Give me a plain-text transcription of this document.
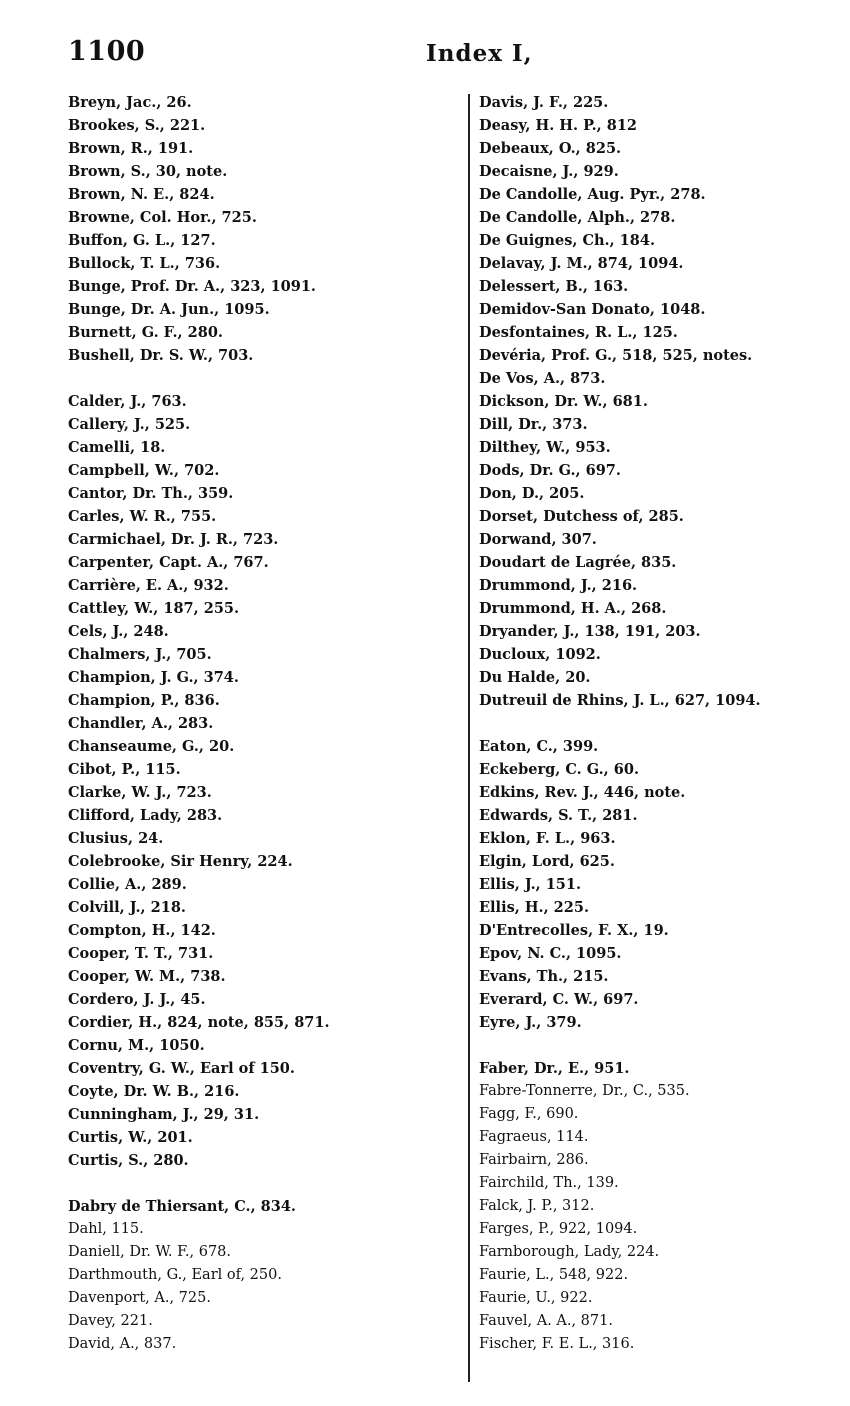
1100	Index I,
Breyn, Jac., 26.
Brookes, S., 221.
Brown, R., 191.
Brown, S., 30, note.
Brown, N. E., 824.
Browne, Col. Hor., 725.
Buffon, G. L., 127.
Bullock, T. L., 736.
Bunge, Prof. Dr. A., 323, 1091.
Bunge, Dr. A. Jun., 1095.
Burnett, G. F., 280.
Bushell, Dr. S. W., 703.
Calder, J., 763.
Callery, J., 525.
Camelli, 18.
Campbell, W., 702.
Cantor, Dr. Th., 359.
Carles, W. R., 755.
Carmichael, Dr. J. R., 723.
Carpenter, Capt. A., 767.
Carrière, E. A., 932.
Cattley, W., 187, 255.
Cels, J., 248.
Chalmers, J., 705.
Champion, J. G., 374.
Champion, P., 836.
Chandler, A., 283.
Chanseaume, G., 20.
Cibot, P., 115.
Clarke, W. J., 723.
Clifford, Lady, 283.
Clusius, 24.
Colebrooke, Sir Henry, 224.
Collie, A., 289.
Colvill, J., 218.
Compton, H., 142.
Cooper, T. T., 731.
Cooper, W. M., 738.
Cordero, J. J., 45.
Cordier, H., 824, note, 855, 871.
Cornu, M., 1050.
Coventry, G. W., Earl of 150.
Coyte, Dr. W. B., 216.
Cunningham, J., 29, 31.
Curtis, W., 201.
Curtis, S., 280.
Dabry de Thiersant, C., 834.
Dahl, 115.
Daniell, Dr. W. F., 678.
Darthmouth, G., Earl of, 250.
Davenport, A., 725.
Davey, 221.
David, A., 837.
Davis, J. F., 225.
Deasy, H. H. P., 812
Debeaux, O., 825.
Decaisne, J., 929.
De Candolle, Aug. Pyr., 278.
De Candolle, Alph., 278.
De Guignes, Ch., 184.
Delavay, J. M., 874, 1094.
Delessert, B., 163.
Demidov-San Donato, 1048.
Desfontaines, R. L., 125.
Devéria, Prof. G., 518, 525, notes.
De Vos, A., 873.
Dickson, Dr. W., 681.
Dill, Dr., 373.
Dilthey, W., 953.
Dods, Dr. G., 697.
Don, D., 205.
Dorset, Dutchess of, 285.
Dorwand, 307.
Doudart de Lagrée, 835.
Drummond, J., 216.
Drummond, H. A., 268.
Dryander, J., 138, 191, 203.
Ducloux, 1092.
Du Halde, 20.
Dutreuil de Rhins, J. L., 627, 1094.
Eaton, C., 399.
Eckeberg, C. G., 60.
Edkins, Rev. J., 446, note.
Edwards, S. T., 281.
Eklon, F. L., 963.
Elgin, Lord, 625.
Ellis, J., 151.
Ellis, H., 225.
D'Entrecolles, F. X., 19.
Epov, N. C., 1095.
Evans, Th., 215.
Everard, C. W., 697.
Eyre, J., 379.
Faber, Dr., E., 951.
Fabre-Tonnerre, Dr., C., 535.
Fagg, F., 690.
Fagraeus, 114.
Fairbairn, 286.
Fairchild, Th., 139.
Falck, J. P., 312.
Farges, P., 922, 1094.
Farnborough, Lady, 224.
Faurie, L., 548, 922.
Faurie, U., 922.
Fauvel, A. A., 871.
Fischer, F. E. L., 316.
